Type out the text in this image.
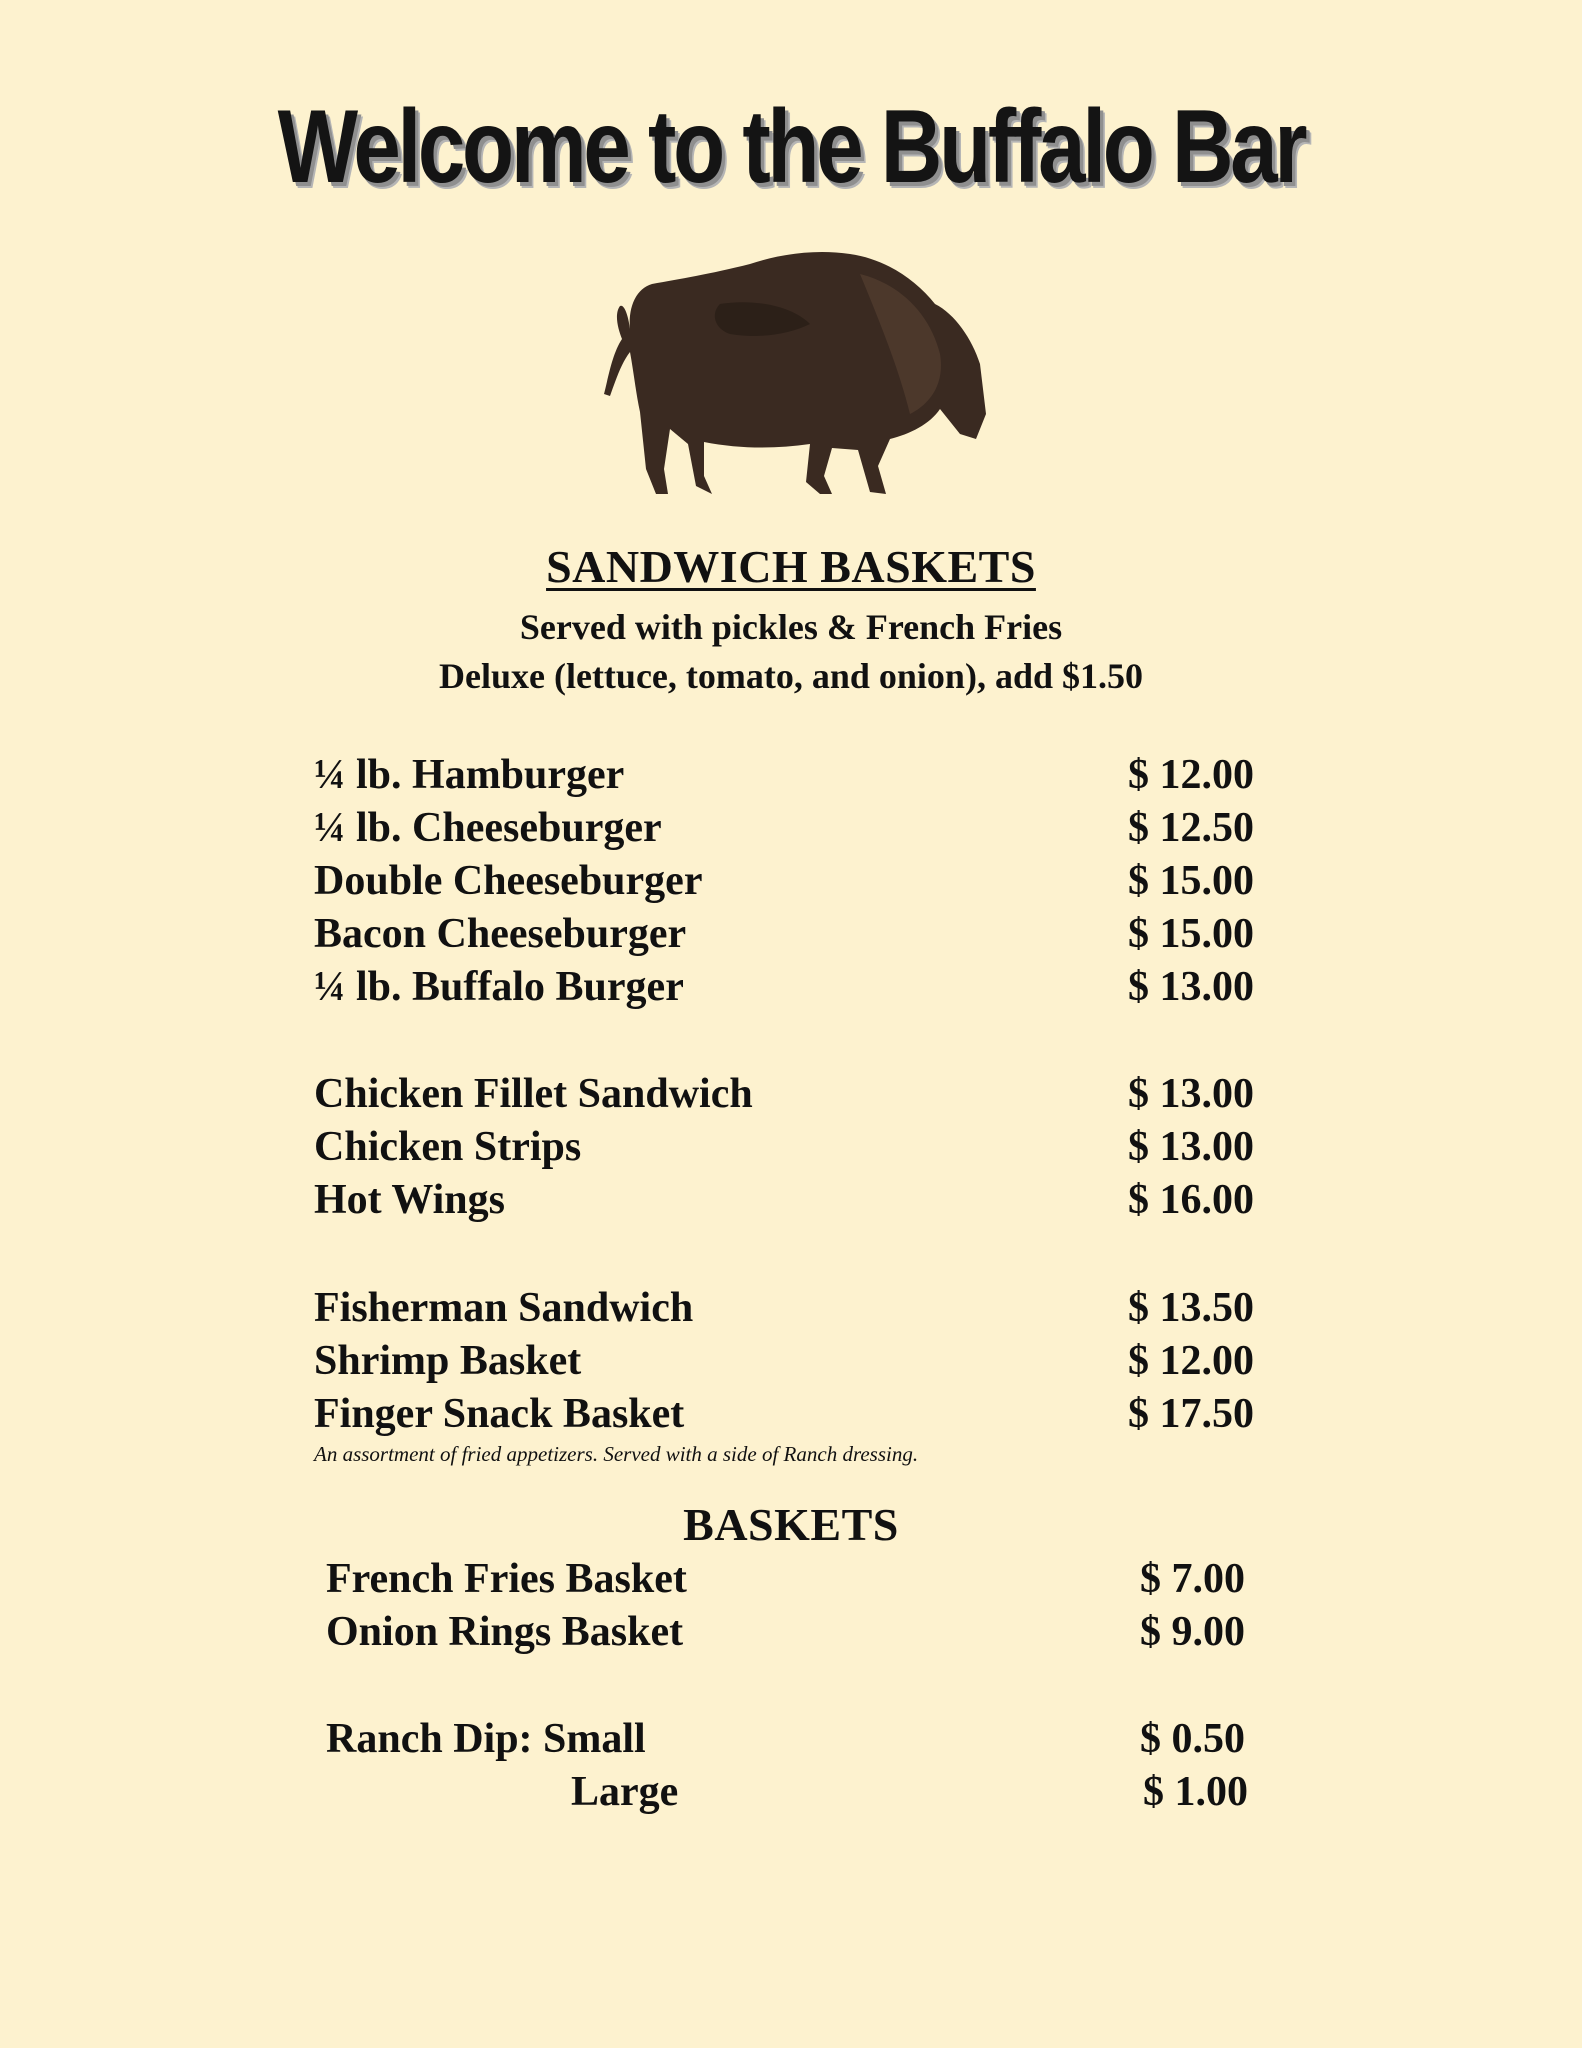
Welcome to the Buffalo Bar
SANDWICH BASKETS
Served with pickles & French Fries
Deluxe (lettuce, tomato, and onion), add $1.50
¼ lb. Hamburger	$ 12.00
¼ lb. Cheeseburger	$ 12.50
Double Cheeseburger	$ 15.00
Bacon Cheeseburger	$ 15.00
¼ lb. Buffalo Burger	$ 13.00
Chicken Fillet Sandwich	$ 13.00
Chicken Strips	$ 13.00
Hot Wings	$ 16.00
Fisherman Sandwich	$ 13.50
Shrimp Basket	$ 12.00
Finger Snack Basket	$ 17.50
An assortment of fried appetizers. Served with a side of Ranch dressing.
BASKETS
French Fries Basket	$ 7.00
Onion Rings Basket	$ 9.00
Ranch Dip: Small	$ 0.50
Large	$ 1.00
